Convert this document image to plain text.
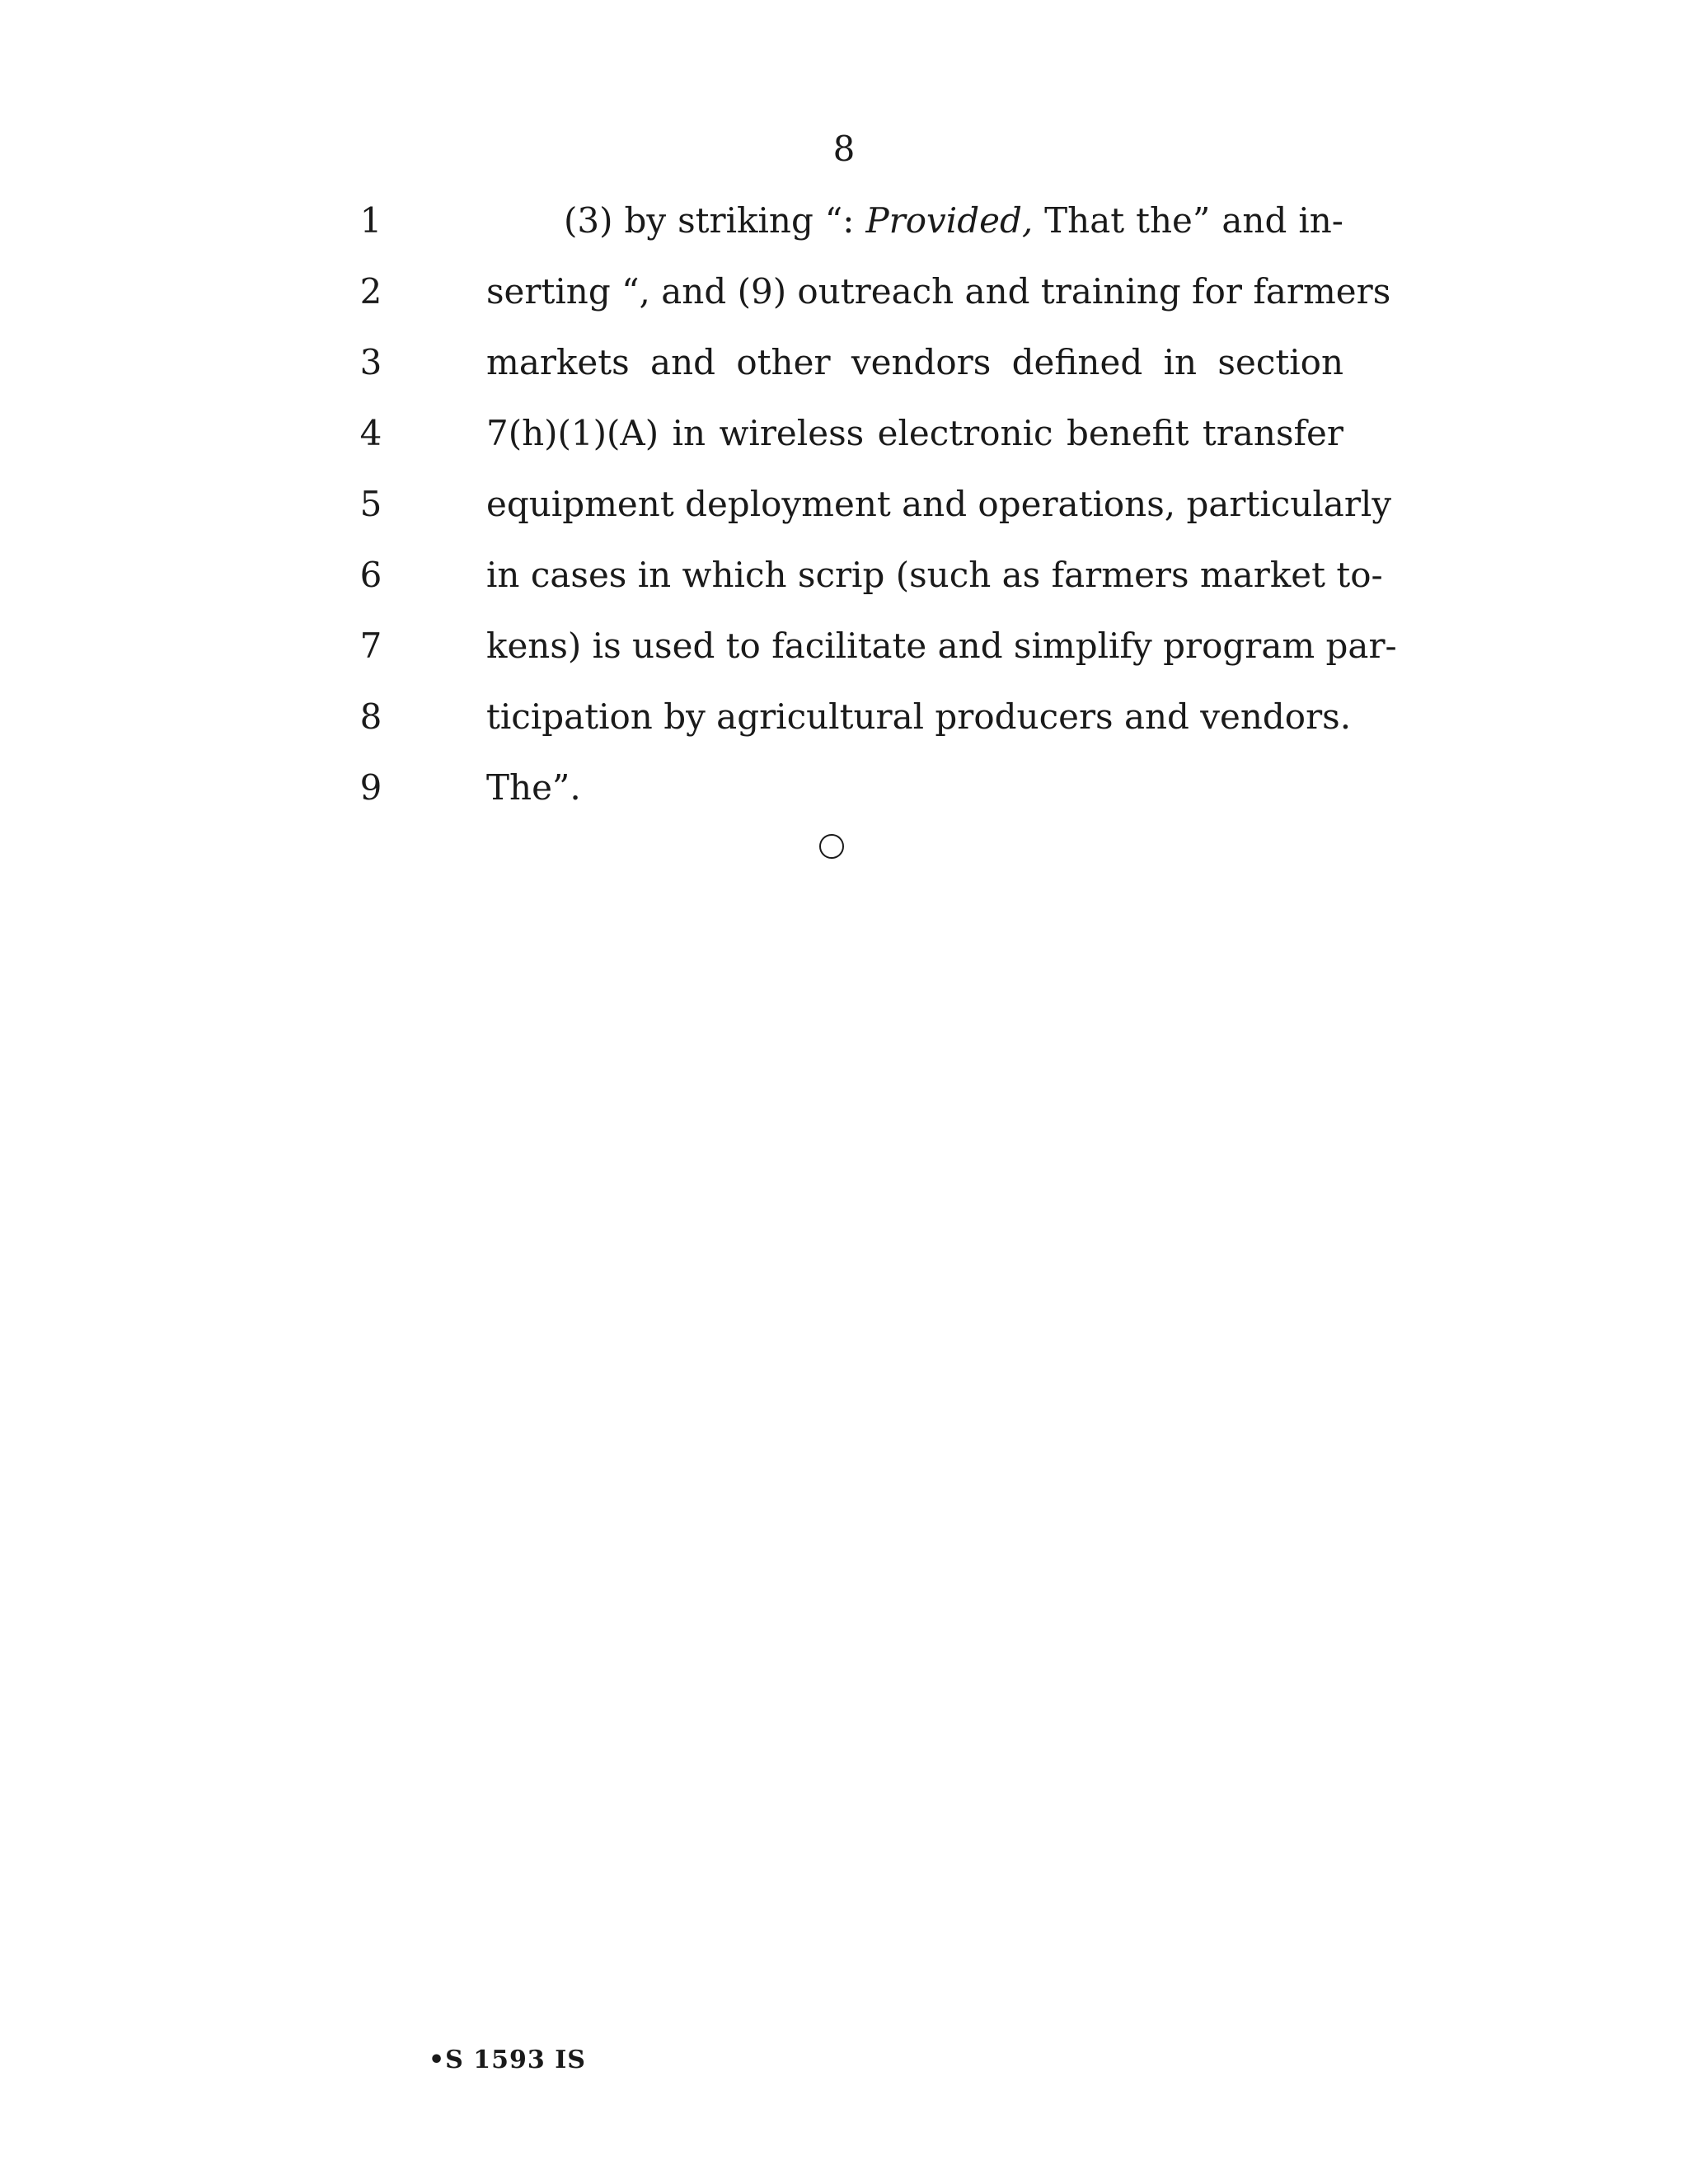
8
1	(3) by striking “: Provided, That the” and in-
2	serting “, and (9) outreach and training for farmers
3	markets and other vendors defined in section
4	7(h)(1)(A) in wireless electronic benefit transfer
5	equipment deployment and operations, particularly
6	in cases in which scrip (such as farmers market to-
7	kens) is used to facilitate and simplify program par-
8	ticipation by agricultural producers and vendors.
9	The”.
•S 1593 IS
